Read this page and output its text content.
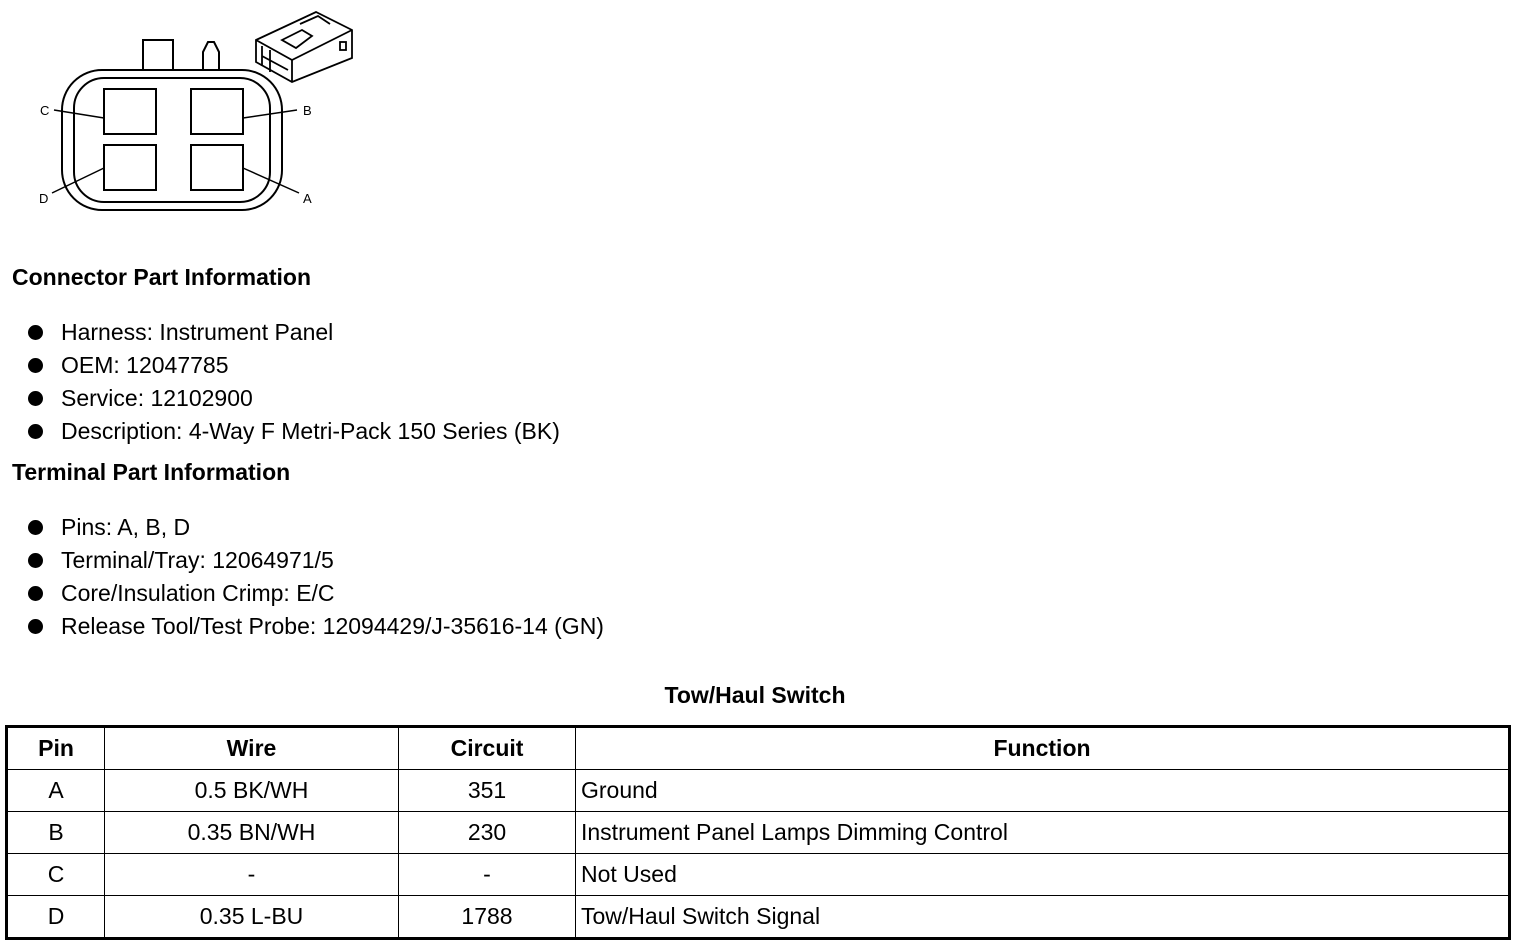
C	B
D	A
Connector Part Information
Harness: Instrument Panel
OEM: 12047785
Service: 12102900
Description: 4-Way F Metri-Pack 150 Series (BK)
Terminal Part Information
Pins: A, B, D
Terminal/Tray: 12064971/5
Core/Insulation Crimp: E/C
Release Tool/Test Probe: 12094429/J-35616-14 (GN)
Tow/Haul Switch
Pin	Wire	Circuit	Function
A	0.5 BK/WH	351	Ground
B	0.35 BN/WH	230	Instrument Panel Lamps Dimming Control
C	-	-	Not Used
D	0.35 L-BU	1788	Tow/Haul Switch Signal
